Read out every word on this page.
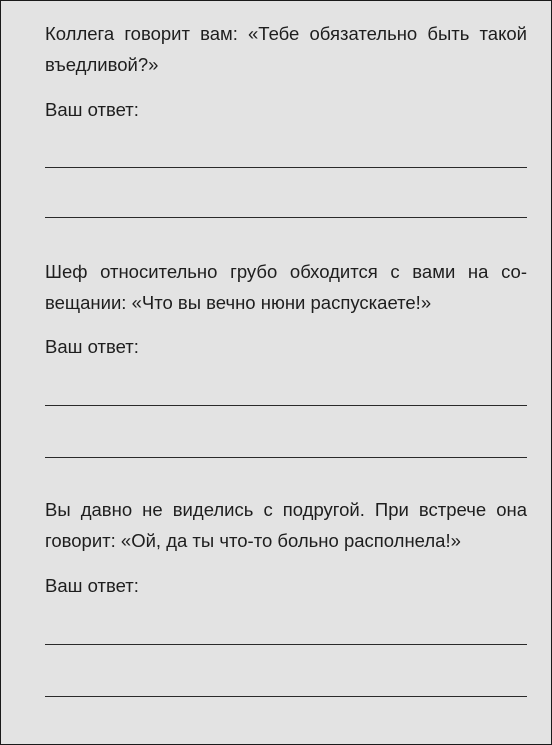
Коллега говорит вам: «Тебе обязательно быть такой въедливой?»

Ваш ответ:

Шеф относительно грубо обходится с вами на совещании: «Что вы вечно нюни распускаете!»

Ваш ответ:

Вы давно не виделись с подругой. При встрече она говорит: «Ой, да ты что-то больно располнела!»

Ваш ответ:
